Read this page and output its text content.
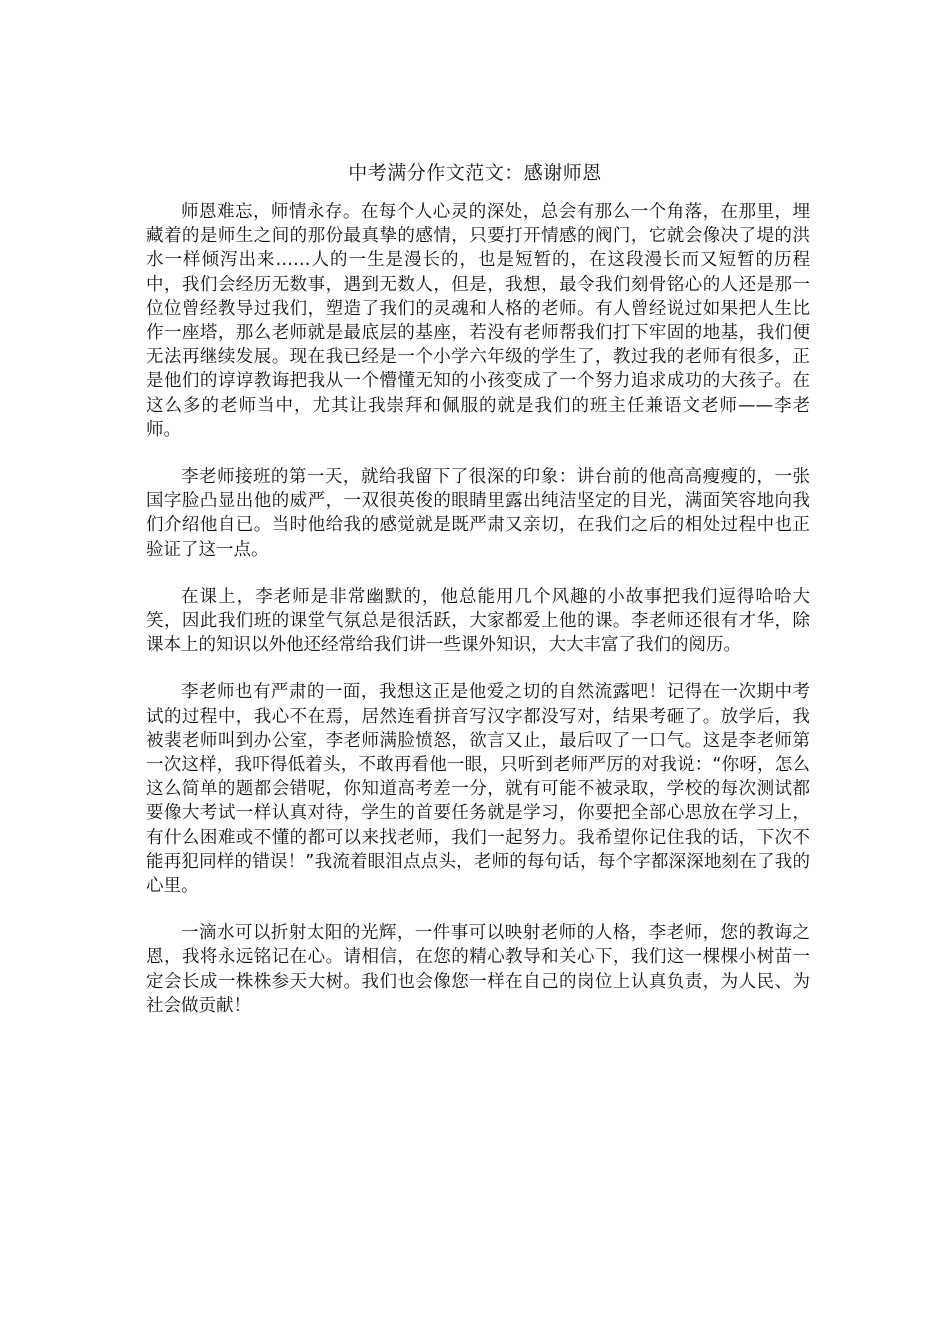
中考满分作文范文：感谢师恩

师恩难忘，师情永存。在每个人心灵的深处，总会有那么一个角落，在那里，埋藏着的是师生之间的那份最真挚的感情，只要打开情感的阀门，它就会像决了堤的洪水一样倾泻出来……人的一生是漫长的，也是短暂的，在这段漫长而又短暂的历程中，我们会经历无数事，遇到无数人，但是，我想，最令我们刻骨铭心的人还是那一位位曾经教导过我们，塑造了我们的灵魂和人格的老师。有人曾经说过如果把人生比作一座塔，那么老师就是最底层的基座，若没有老师帮我们打下牢固的地基，我们便无法再继续发展。现在我已经是一个小学六年级的学生了，教过我的老师有很多，正是他们的谆谆教诲把我从一个懵懂无知的小孩变成了一个努力追求成功的大孩子。在这么多的老师当中，尤其让我崇拜和佩服的就是我们的班主任兼语文老师——李老师。

李老师接班的第一天，就给我留下了很深的印象：讲台前的他高高瘦瘦的，一张国字脸凸显出他的威严，一双很英俊的眼睛里露出纯洁坚定的目光，满面笑容地向我们介绍他自已。当时他给我的感觉就是既严肃又亲切，在我们之后的相处过程中也正验证了这一点。

在课上，李老师是非常幽默的，他总能用几个风趣的小故事把我们逗得哈哈大笑，因此我们班的课堂气氛总是很活跃，大家都爱上他的课。李老师还很有才华，除课本上的知识以外他还经常给我们讲一些课外知识，大大丰富了我们的阅历。

李老师也有严肃的一面，我想这正是他爱之切的自然流露吧！记得在一次期中考试的过程中，我心不在焉，居然连看拼音写汉字都没写对，结果考砸了。放学后，我被裴老师叫到办公室，李老师满脸愤怒，欲言又止，最后叹了一口气。这是李老师第一次这样，我吓得低着头，不敢再看他一眼，只听到老师严厉的对我说：“你呀，怎么这么简单的题都会错呢，你知道高考差一分，就有可能不被录取，学校的每次测试都要像大考试一样认真对待，学生的首要任务就是学习，你要把全部心思放在学习上，有什么困难或不懂的都可以来找老师，我们一起努力。我希望你记住我的话，下次不能再犯同样的错误！”我流着眼泪点点头，老师的每句话，每个字都深深地刻在了我的心里。

一滴水可以折射太阳的光辉，一件事可以映射老师的人格，李老师，您的教诲之恩，我将永远铭记在心。请相信，在您的精心教导和关心下，我们这一棵棵小树苗一定会长成一株株参天大树。我们也会像您一样在自己的岗位上认真负责，为人民、为社会做贡献！
